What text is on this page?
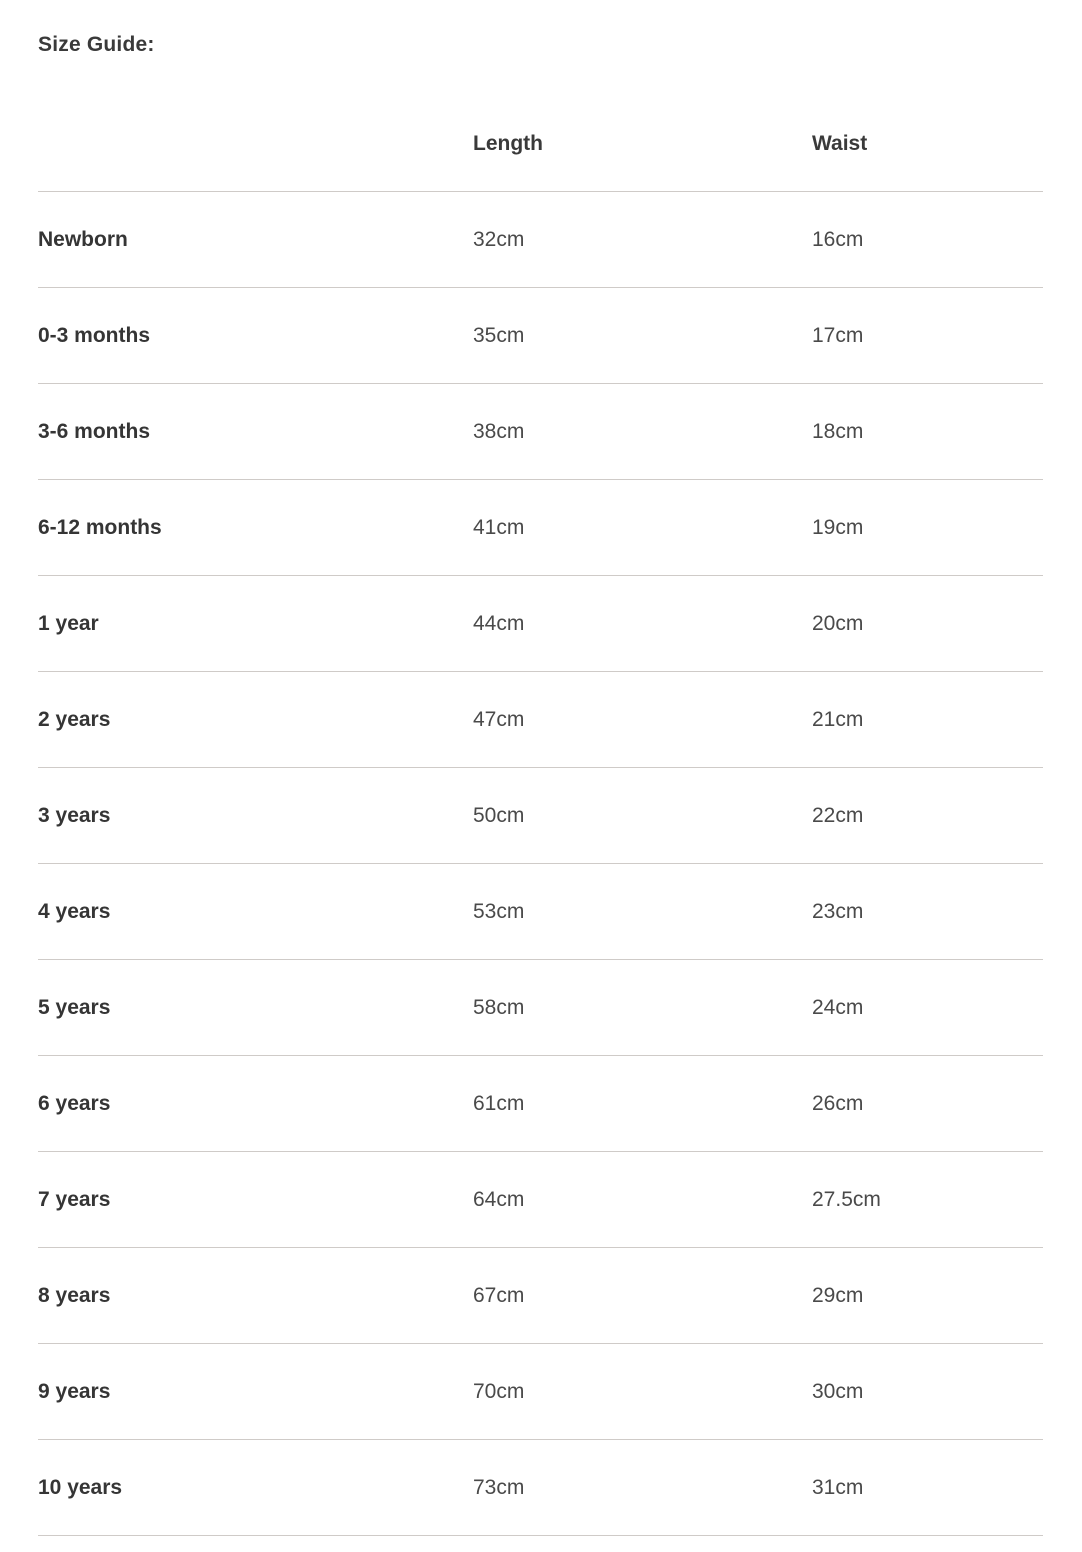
Size Guide:
	Length	Waist
Newborn	32cm	16cm
0-3 months	35cm	17cm
3-6 months	38cm	18cm
6-12 months	41cm	19cm
1 year	44cm	20cm
2 years	47cm	21cm
3 years	50cm	22cm
4 years	53cm	23cm
5 years	58cm	24cm
6 years	61cm	26cm
7 years	64cm	27.5cm
8 years	67cm	29cm
9 years	70cm	30cm
10 years	73cm	31cm
